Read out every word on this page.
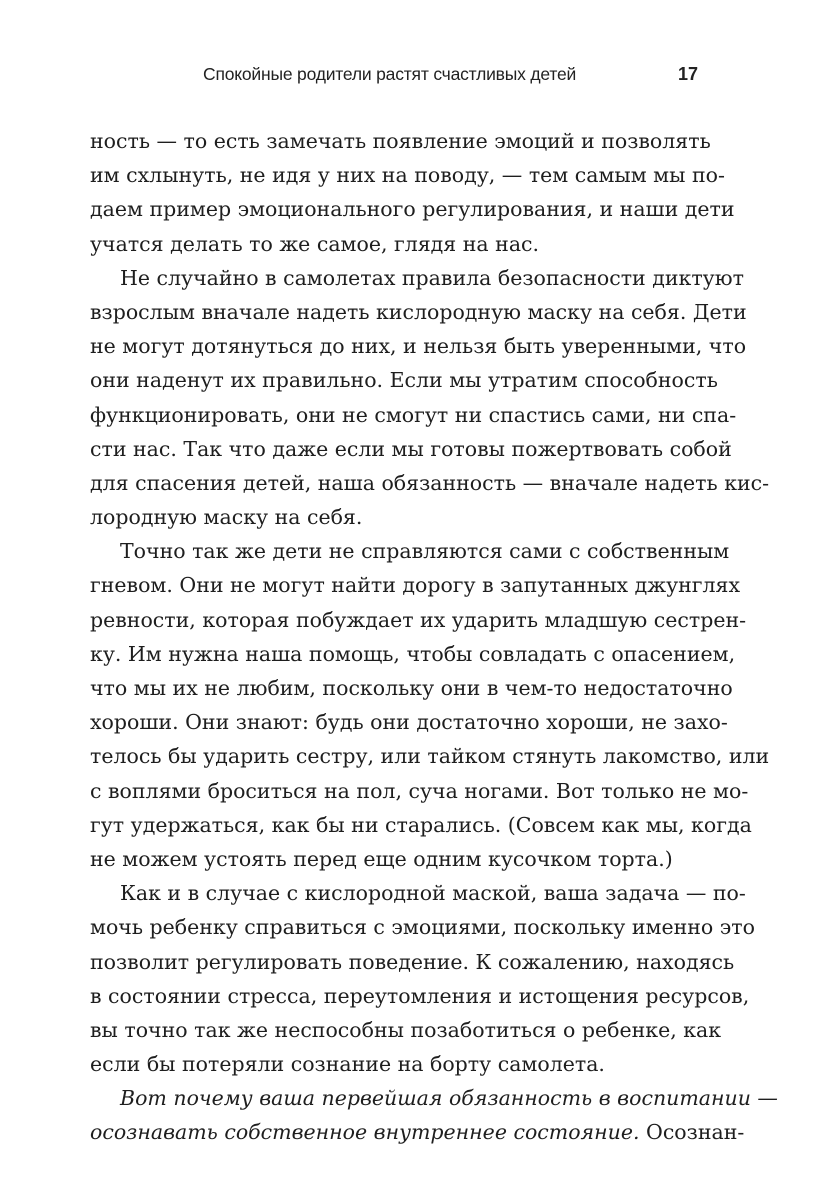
Спокойные родители растят счастливых детей	17
ность — то есть замечать появление эмоций и позволять
им схлынуть, не идя у них на поводу, — тем самым мы по-
даем пример эмоционального регулирования, и наши дети
учатся делать то же самое, глядя на нас.
Не случайно в самолетах правила безопасности диктуют
взрослым вначале надеть кислородную маску на себя. Дети
не могут дотянуться до них, и нельзя быть уверенными, что
они наденут их правильно. Если мы утратим способность
функционировать, они не смогут ни спастись сами, ни спа-
сти нас. Так что даже если мы готовы пожертвовать собой
для спасения детей, наша обязанность — вначале надеть кис-
лородную маску на себя.
Точно так же дети не справляются сами с собственным
гневом. Они не могут найти дорогу в запутанных джунглях
ревности, которая побуждает их ударить младшую сестрен-
ку. Им нужна наша помощь, чтобы совладать с опасением,
что мы их не любим, поскольку они в чем-то недостаточно
хороши. Они знают: будь они достаточно хороши, не захо-
телось бы ударить сестру, или тайком стянуть лакомство, или
с воплями броситься на пол, суча ногами. Вот только не мо-
гут удержаться, как бы ни старались. (Совсем как мы, когда
не можем устоять перед еще одним кусочком торта.)
Как и в случае с кислородной маской, ваша задача — по-
мочь ребенку справиться с эмоциями, поскольку именно это
позволит регулировать поведение. К сожалению, находясь
в состоянии стресса, переутомления и истощения ресурсов,
вы точно так же неспособны позаботиться о ребенке, как
если бы потеряли сознание на борту самолета.
Вот почему ваша первейшая обязанность в воспитании —
осознавать собственное внутреннее состояние. Осознан-
